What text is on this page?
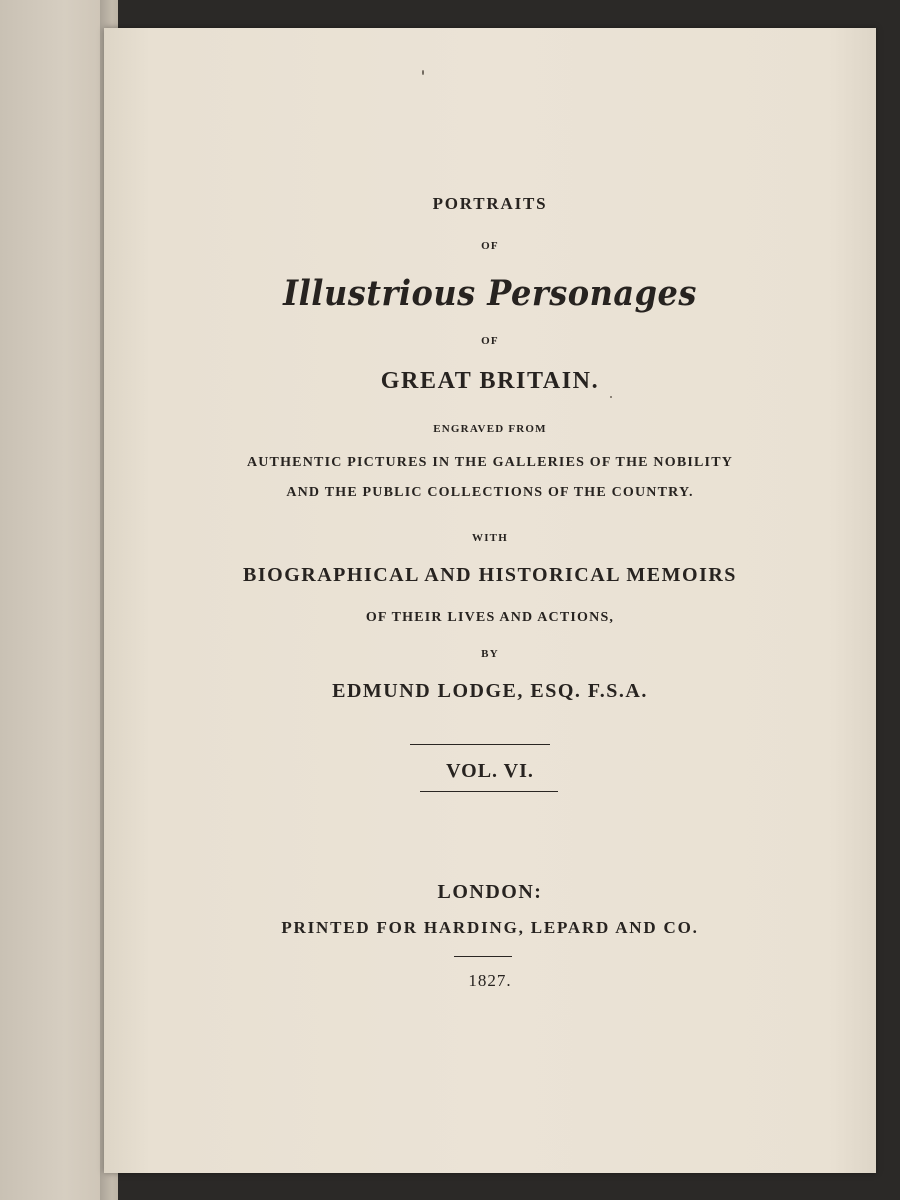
PORTRAITS
OF
Illustrious Personages
OF
GREAT BRITAIN.
ENGRAVED FROM
AUTHENTIC PICTURES IN THE GALLERIES OF THE NOBILITY
AND THE PUBLIC COLLECTIONS OF THE COUNTRY.
WITH
BIOGRAPHICAL AND HISTORICAL MEMOIRS
OF THEIR LIVES AND ACTIONS,
BY
EDMUND LODGE, ESQ. F.S.A.
VOL. VI.
LONDON:
PRINTED FOR HARDING, LEPARD AND CO.
1827.
